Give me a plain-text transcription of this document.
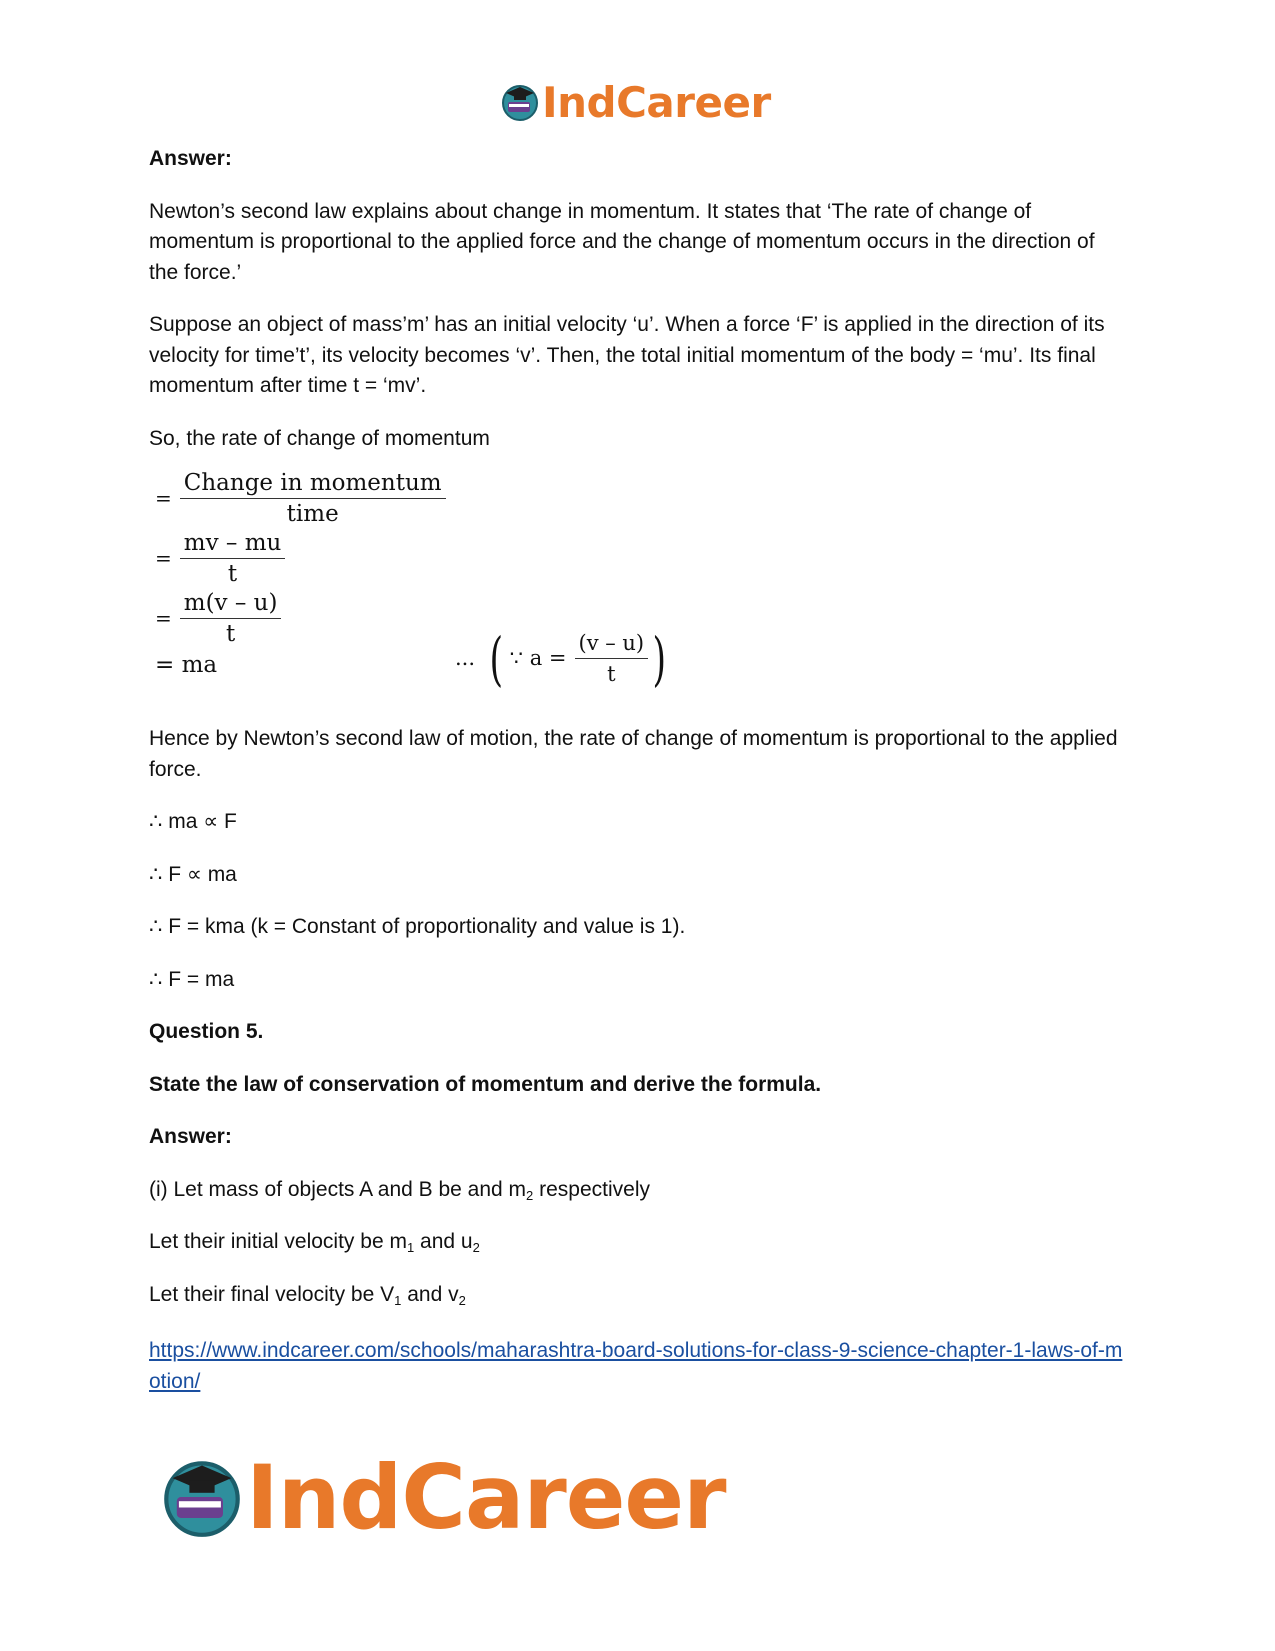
IndCareer

Answer:

Newton’s second law explains about change in momentum. It states that ‘The rate of change of momentum is proportional to the applied force and the change of momentum occurs in the direction of the force.’

Suppose an object of mass’m’ has an initial velocity ‘u’. When a force ‘F’ is applied in the direction of its velocity for time’t’, its velocity becomes ‘v’. Then, the total initial momentum of the body = ‘mu’. Its final momentum after time t = ‘mv’.

So, the rate of change of momentum

= $\frac{\text{Change in momentum}}{\text{time}}$
= $\frac{mv - mu}{t}$
= $\frac{m(v - u)}{t}$
= ma	... ( ∵ $a = \frac{(v - u)}{t}$ )

Hence by Newton’s second law of motion, the rate of change of momentum is proportional to the applied force.

∴ ma ∝ F

∴ F ∝ ma

∴ F = kma (k = Constant of proportionality and value is 1).

∴ F = ma

Question 5.

State the law of conservation of momentum and derive the formula.

Answer:

(i) Let mass of objects A and B be and $m_2$ respectively

Let their initial velocity be $m_1$ and $u_2$

Let their final velocity be $V_1$ and $v_2$

https://www.indcareer.com/schools/maharashtra-board-solutions-for-class-9-science-chapter-1-laws-of-motion/

IndCareer
